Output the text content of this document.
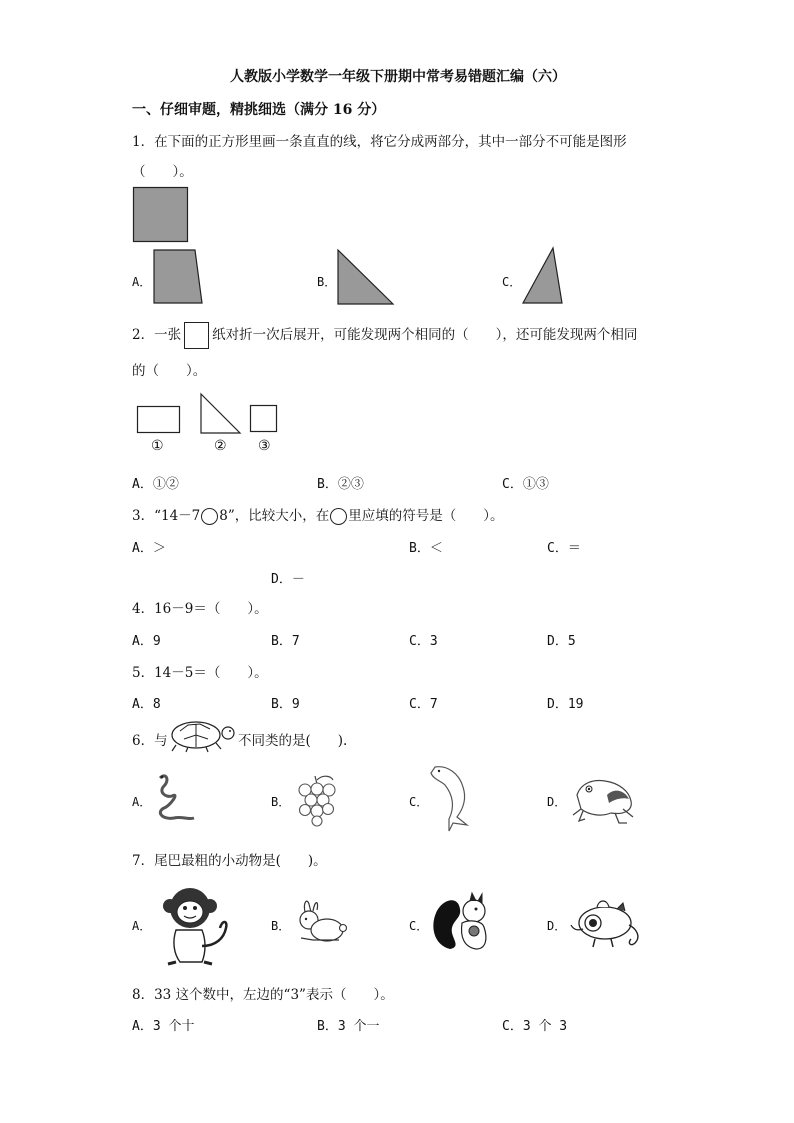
人教版小学数学一年级下册期中常考易错题汇编（六）
一、仔细审题，精挑细选（满分 16 分）
1．在下面的正方形里画一条直直的线，将它分成两部分，其中一部分不可能是图形
（　　）。
A．	B．	C．
2．一张 纸对折一次后展开，可能发现两个相同的（　　），还可能发现两个相同
的（　　）。
①	② ③
A．①②	B．②③	C．①③
3．“14－7 8”，比较大小，在 里应填的符号是（　　）。
A．＞	B．＜	C．＝
D．－
4．16－9＝（　　）。
A．9	B．7	C．3	D．5
5．14－5＝（　　）。
A．8	B．9	C．7	D．19
6．与	不同类的是(　　).
A．	B．	C．	D．
7．尾巴最粗的小动物是(　　)。
A．	B．	C．	D．
8．33 这个数中，左边的“3”表示（　　）。
A．3 个十	B．3 个一	C．3 个 3
